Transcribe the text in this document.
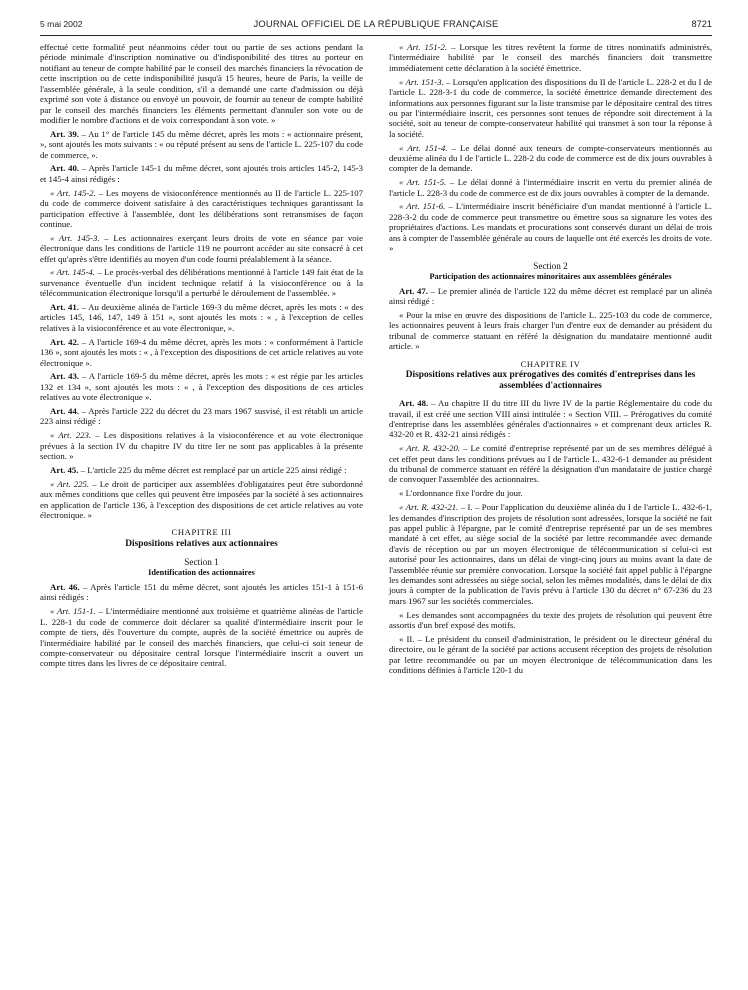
5 mai 2002	JOURNAL OFFICIEL DE LA RÉPUBLIQUE FRANÇAISE	8721

effectué cette formalité peut néanmoins céder tout ou partie de ses actions pendant la période minimale d'inscription nominative ou d'indisponibilité des titres au porteur en notifiant au teneur de compte habilité par le conseil des marchés financiers la révocation de cette inscription ou de cette indisponibilité jusqu'à 15 heures, heure de Paris, la veille de l'assemblée générale, à la seule condition, s'il a demandé une carte d'admission ou déjà exprimé son vote à distance ou envoyé un pouvoir, de fournir au teneur de compte habilité par le conseil des marchés financiers les éléments permettant d'annuler son vote ou de modifier le nombre d'actions et de voix correspondant à son vote. »

Art. 39. – Au 1° de l'article 145 du même décret, après les mots : « actionnaire présent, », sont ajoutés les mots suivants : « ou réputé présent au sens de l'article L. 225-107 du code de commerce, ».

Art. 40. – Après l'article 145-1 du même décret, sont ajoutés trois articles 145-2, 145-3 et 145-4 ainsi rédigés :

« Art. 145-2. – Les moyens de visioconférence mentionnés au II de l'article L. 225-107 du code de commerce doivent satisfaire à des caractéristiques techniques garantissant la participation effective à l'assemblée, dont les délibérations sont retransmises de façon continue.

« Art. 145-3. – Les actionnaires exerçant leurs droits de vote en séance par voie électronique dans les conditions de l'article 119 ne pourront accéder au site consacré à cet effet qu'après s'être identifiés au moyen d'un code fourni préalablement à la séance.

« Art. 145-4. – Le procès-verbal des délibérations mentionné à l'article 149 fait état de la survenance éventuelle d'un incident technique relatif à la visioconférence ou à la télécommunication électronique lorsqu'il a perturbé le déroulement de l'assemblée. »

Art. 41. – Au deuxième alinéa de l'article 169-3 du même décret, après les mots : « des articles 145, 146, 147, 149 à 151 », sont ajoutés les mots : « , à l'exception de celles relatives à la visioconférence et au vote électronique, ».

Art. 42. – A l'article 169-4 du même décret, après les mots : « conformément à l'article 136 », sont ajoutés les mots : « , à l'exception des dispositions de cet article relatives au vote électronique ».

Art. 43. – A l'article 169-5 du même décret, après les mots : « est régie par les articles 132 et 134 », sont ajoutés les mots : « , à l'exception des dispositions de ces articles relatives au vote électronique ».

Art. 44. – Après l'article 222 du décret du 23 mars 1967 susvisé, il est rétabli un article 223 ainsi rédigé :

« Art. 223. – Les dispositions relatives à la visioconférence et au vote électronique prévues à la section IV du chapitre IV du titre Ier ne sont pas applicables à la présente section. »

Art. 45. – L'article 225 du même décret est remplacé par un article 225 ainsi rédigé :

« Art. 225. – Le droit de participer aux assemblées d'obligataires peut être subordonné aux mêmes conditions que celles qui peuvent être imposées par la société à ses actionnaires en application de l'article 136, à l'exception des dispositions de cet article relatives au vote électronique. »

CHAPITRE III
Dispositions relatives aux actionnaires
Section 1
Identification des actionnaires

Art. 46. – Après l'article 151 du même décret, sont ajoutés les articles 151-1 à 151-6 ainsi rédigés :

« Art. 151-1. – L'intermédiaire mentionné aux troisième et quatrième alinéas de l'article L. 228-1 du code de commerce doit déclarer sa qualité d'intermédiaire inscrit pour le compte de tiers, dès l'ouverture du compte, auprès de la société émettrice ou auprès de l'intermédiaire habilité par le conseil des marchés financiers, que celui-ci soit teneur de compte-conservateur ou dépositaire central lorsque l'intermédiaire inscrit a ouvert un compte titres dans les livres de ce dépositaire central.

« Art. 151-2. – Lorsque les titres revêtent la forme de titres nominatifs administrés, l'intermédiaire habilité par le conseil des marchés financiers doit transmettre immédiatement cette déclaration à la société émettrice.

« Art. 151-3. – Lorsqu'en application des dispositions du II de l'article L. 228-2 et du I de l'article L. 228-3-1 du code de commerce, la société émettrice demande directement des informations aux personnes figurant sur la liste transmise par le dépositaire central des titres ou par l'intermédiaire inscrit, ces personnes sont tenues de répondre soit directement à la société, soit au teneur de compte-conservateur habilité qui transmet à son tour la réponse à la société.

« Art. 151-4. – Le délai donné aux teneurs de compte-conservateurs mentionnés au deuxième alinéa du I de l'article L. 228-2 du code de commerce est de dix jours ouvrables à compter de la demande.

« Art. 151-5. – Le délai donné à l'intermédiaire inscrit en vertu du premier alinéa de l'article L. 228-3 du code de commerce est de dix jours ouvrables à compter de la demande.

« Art. 151-6. – L'intermédiaire inscrit bénéficiaire d'un mandat mentionné à l'article L. 228-3-2 du code de commerce peut transmettre ou émettre sous sa signature les votes des propriétaires d'actions. Les mandats et procurations sont conservés durant un délai de trois ans à compter de l'assemblée générale au cours de laquelle ont été exercés les droits de vote. »

Section 2
Participation des actionnaires minoritaires aux assemblées générales

Art. 47. – Le premier alinéa de l'article 122 du même décret est remplacé par un alinéa ainsi rédigé :

« Pour la mise en œuvre des dispositions de l'article L. 225-103 du code de commerce, les actionnaires peuvent à leurs frais charger l'un d'entre eux de demander au président du tribunal de commerce statuant en référé la désignation du mandataire mentionné audit article. »

CHAPITRE IV
Dispositions relatives aux prérogatives des comités d'entreprises dans les assemblées d'actionnaires

Art. 48. – Au chapitre II du titre III du livre IV de la partie Réglementaire du code du travail, il est créé une section VIII ainsi intitulée : « Section VIII. – Prérogatives du comité d'entreprise dans les assemblées générales d'actionnaires » et comprenant deux articles R. 432-20 et R. 432-21 ainsi rédigés :

« Art. R. 432-20. – Le comité d'entreprise représenté par un de ses membres délégué à cet effet peut dans les conditions prévues au I de l'article L. 432-6-1 demander au président du tribunal de commerce statuant en référé la désignation d'un mandataire de justice chargé de convoquer l'assemblée des actionnaires.

« L'ordonnance fixe l'ordre du jour.

« Art. R. 432-21. – I. – Pour l'application du deuxième alinéa du I de l'article L. 432-6-1, les demandes d'inscription des projets de résolution sont adressées, lorsque la société ne fait pas appel public à l'épargne, par le comité d'entreprise représenté par un de ses membres mandaté à cet effet, au siège social de la société par lettre recommandée avec demande d'avis de réception ou par un moyen électronique de télécommunication si celui-ci est autorisé pour les actionnaires, dans un délai de vingt-cinq jours au moins avant la date de l'assemblée réunie sur première convocation. Lorsque la société fait appel public à l'épargne les demandes sont adressées au siège social, selon les mêmes modalités, dans le délai de dix jours à compter de la publication de l'avis prévu à l'article 130 du décret n° 67-236 du 23 mars 1967 sur les sociétés commerciales.

« Les demandes sont accompagnées du texte des projets de résolution qui peuvent être assortis d'un bref exposé des motifs.

« II. – Le président du conseil d'administration, le président ou le directeur général du directoire, ou le gérant de la société par actions accusent réception des projets de résolution par lettre recommandée ou par un moyen électronique de télécommunication dans les conditions définies à l'article 120-1 du
